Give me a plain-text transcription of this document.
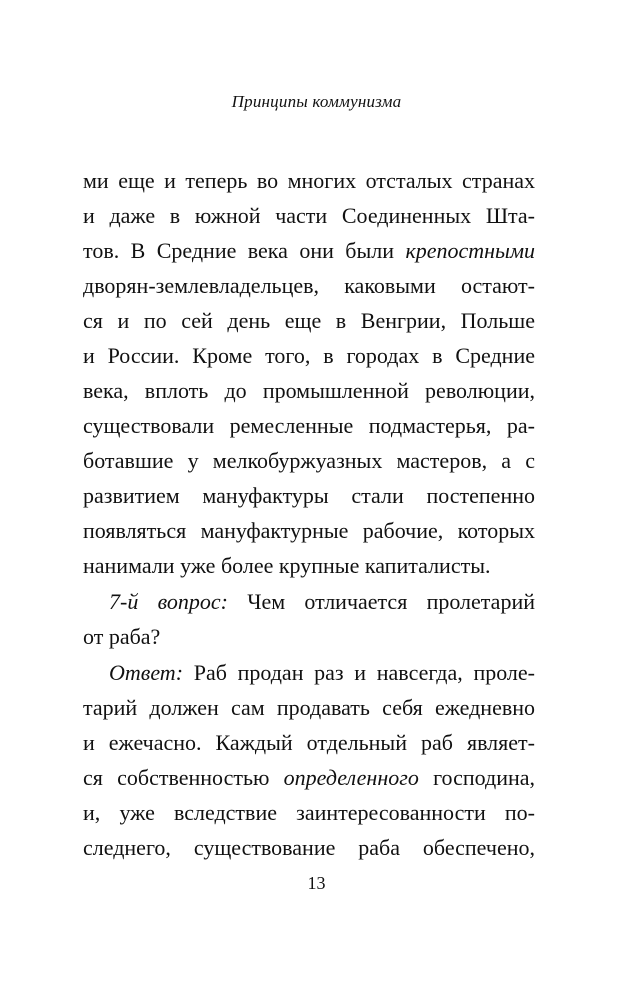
Принципы коммунизма
ми еще и теперь во многих отсталых странах
и даже в южной части Соединенных Шта-
тов. В Средние века они были крепостными
дворян-землевладельцев, каковыми остают-
ся и по сей день еще в Венгрии, Польше
и России. Кроме того, в городах в Средние
века, вплоть до промышленной революции,
существовали ремесленные подмастерья, ра-
ботавшие у мелкобуржуазных мастеров, а с
развитием мануфактуры стали постепенно
появляться мануфактурные рабочие, которых
нанимали уже более крупные капиталисты.
7-й вопрос: Чем отличается пролетарий
от раба?
Ответ: Раб продан раз и навсегда, проле-
тарий должен сам продавать себя ежедневно
и ежечасно. Каждый отдельный раб являет-
ся собственностью определенного господина,
и, уже вследствие заинтересованности по-
следнего, существование раба обеспечено,
13
